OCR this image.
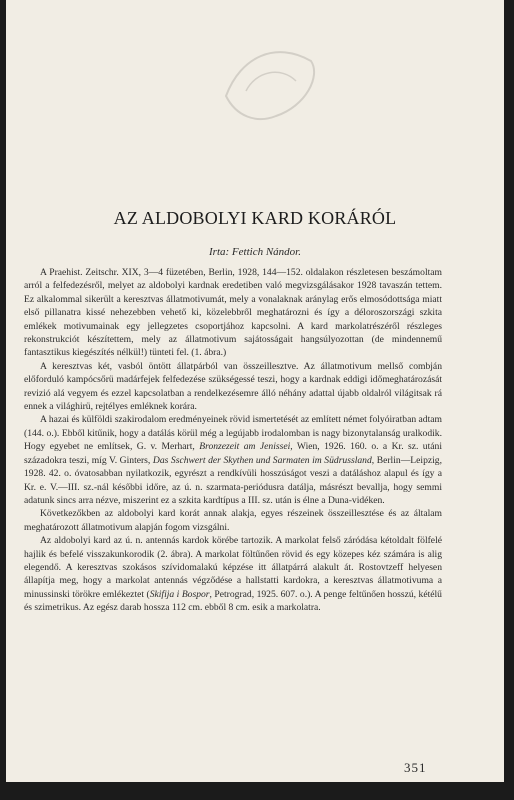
AZ ALDOBOLYI KARD KORÁRÓL
Irta: Fettich Nándor.

A Praehist. Zeitschr. XIX, 3—4 füzetében, Berlin, 1928, 144—152. oldalakon részletesen beszámoltam arról a felfedezésről, melyet az aldobolyi kardnak eredetiben való megvizsgálásakor 1928 tavaszán tettem. Ez alkalommal sikerült a keresztvas állatmotivumát, mely a vonalaknak aránylag erős elmosódottsága miatt első pillanatra kissé nehezebben vehető ki, közelebbről meghatározni és így a déloroszországi szkita emlékek motivumainak egy jellegzetes csoportjához kapcsolni. A kard markolatrészéről részleges rekonstrukciót készítettem, mely az állatmotivum sajátosságait hangsúlyozottan (de mindennemű fantasztikus kiegészítés nélkül!) tünteti fel. (1. ábra.)

A keresztvas két, vasból öntött állatpárból van összeillesztve. Az állatmotivum mellső combján előforduló kampócsőrü madárfejek felfedezése szükségessé teszi, hogy a kardnak eddigi időmeghatározását revizió alá vegyem és ezzel kapcsolatban a rendelkezésemre álló néhány adattal újabb oldalról világitsak rá ennek a világhirü, rejtélyes emléknek korára.

A hazai és külföldi szakirodalom eredményeinek rövid ismertetését az említett német folyóiratban adtam (144. o.). Ebből kitűnik, hogy a datálás körül még a legújabb irodalomban is nagy bizonytalanság uralkodik. Hogy egyebet ne említsek, G. v. Merhart, Bronzezeit am Jenissei, Wien, 1926. 160. o. a Kr. sz. utáni századokra teszi, míg V. Ginters, Das Sschwert der Skythen und Sarmaten im Südrussland, Berlin—Leipzig, 1928. 42. o. óvatosabban nyilatkozik, egyrészt a rendkívüli hosszúságot veszi a datáláshoz alapul és így a Kr. e. V.—III. sz.-nál későbbi időre, az ú. n. szarmata-periódusra datálja, másrészt bevallja, hogy semmi adatunk sincs arra nézve, miszerint ez a szkita kardtípus a III. sz. után is élne a Duna-vidéken.

Következőkben az aldobolyi kard korát annak alakja, egyes részeinek összeillesztése és az általam meghatározott állatmotivum alapján fogom vizsgálni.

Az aldobolyi kard az ú. n. antennás kardok körébe tartozik. A markolat felső záródása kétoldalt fölfelé hajlik és befelé visszakunkorodik (2. ábra). A markolat föltűnően rövid és egy közepes kéz számára is alig elegendő. A keresztvas szokásos szívidomalakú képzése itt állatpárrá alakult át. Rostovtzeff helyesen állapítja meg, hogy a markolat antennás végződése a hallstatti kardokra, a keresztvas állatmotivuma a minussinski törökre emlékeztet (Skifija i Bospor, Petrograd, 1925. 607. o.). A penge feltűnően hosszú, kétélű és szimetrikus. Az egész darab hossza 112 cm. ebből 8 cm. esik a markolatra.

351
